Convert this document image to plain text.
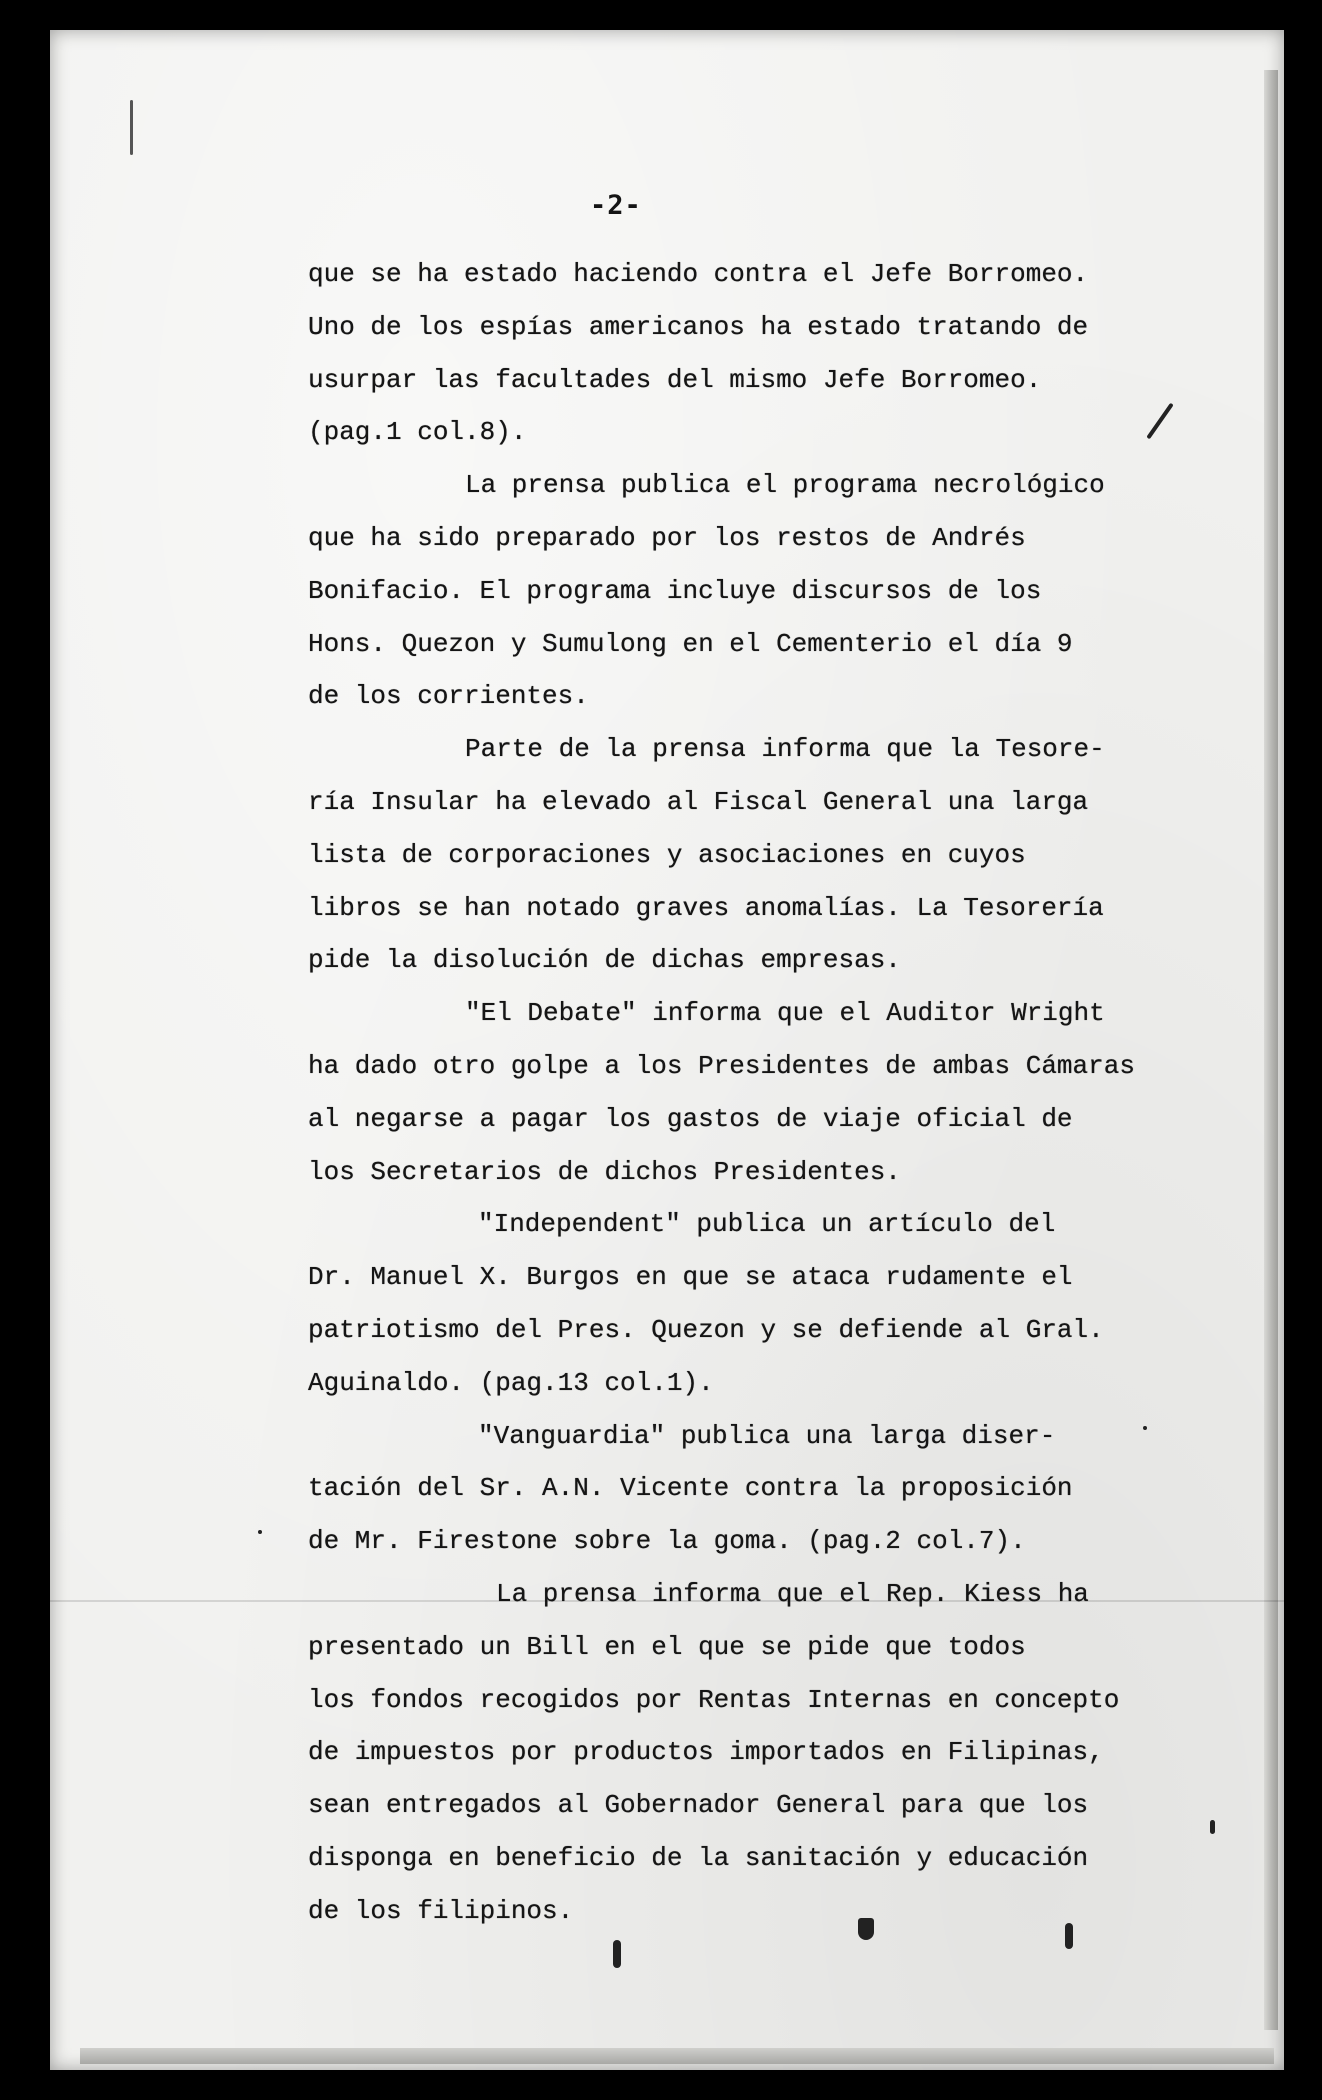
-2-
que se ha estado haciendo contra el Jefe Borromeo.
Uno de los espías americanos ha estado tratando de
usurpar las facultades del mismo Jefe Borromeo.
(pag.1 col.8).
La prensa publica el programa necrológico
que ha sido preparado por los restos de Andrés
Bonifacio. El programa incluye discursos de los
Hons. Quezon y Sumulong en el Cementerio el día 9
de los corrientes.
Parte de la prensa informa que la Tesore-
ría Insular ha elevado al Fiscal General una larga
lista de corporaciones y asociaciones en cuyos
libros se han notado graves anomalías. La Tesorería
pide la disolución de dichas empresas.
"El Debate" informa que el Auditor Wright
ha dado otro golpe a los Presidentes de ambas Cámaras
al negarse a pagar los gastos de viaje oficial de
los Secretarios de dichos Presidentes.
"Independent" publica un artículo del
Dr. Manuel X. Burgos en que se ataca rudamente el
patriotismo del Pres. Quezon y se defiende al Gral.
Aguinaldo. (pag.13 col.1).
"Vanguardia" publica una larga diser-
tación del Sr. A.N. Vicente contra la proposición
de Mr. Firestone sobre la goma. (pag.2 col.7).
La prensa informa que el Rep. Kiess ha
presentado un Bill en el que se pide que todos
los fondos recogidos por Rentas Internas en concepto
de impuestos por productos importados en Filipinas,
sean entregados al Gobernador General para que los
disponga en beneficio de la sanitación y educación
de los filipinos.
